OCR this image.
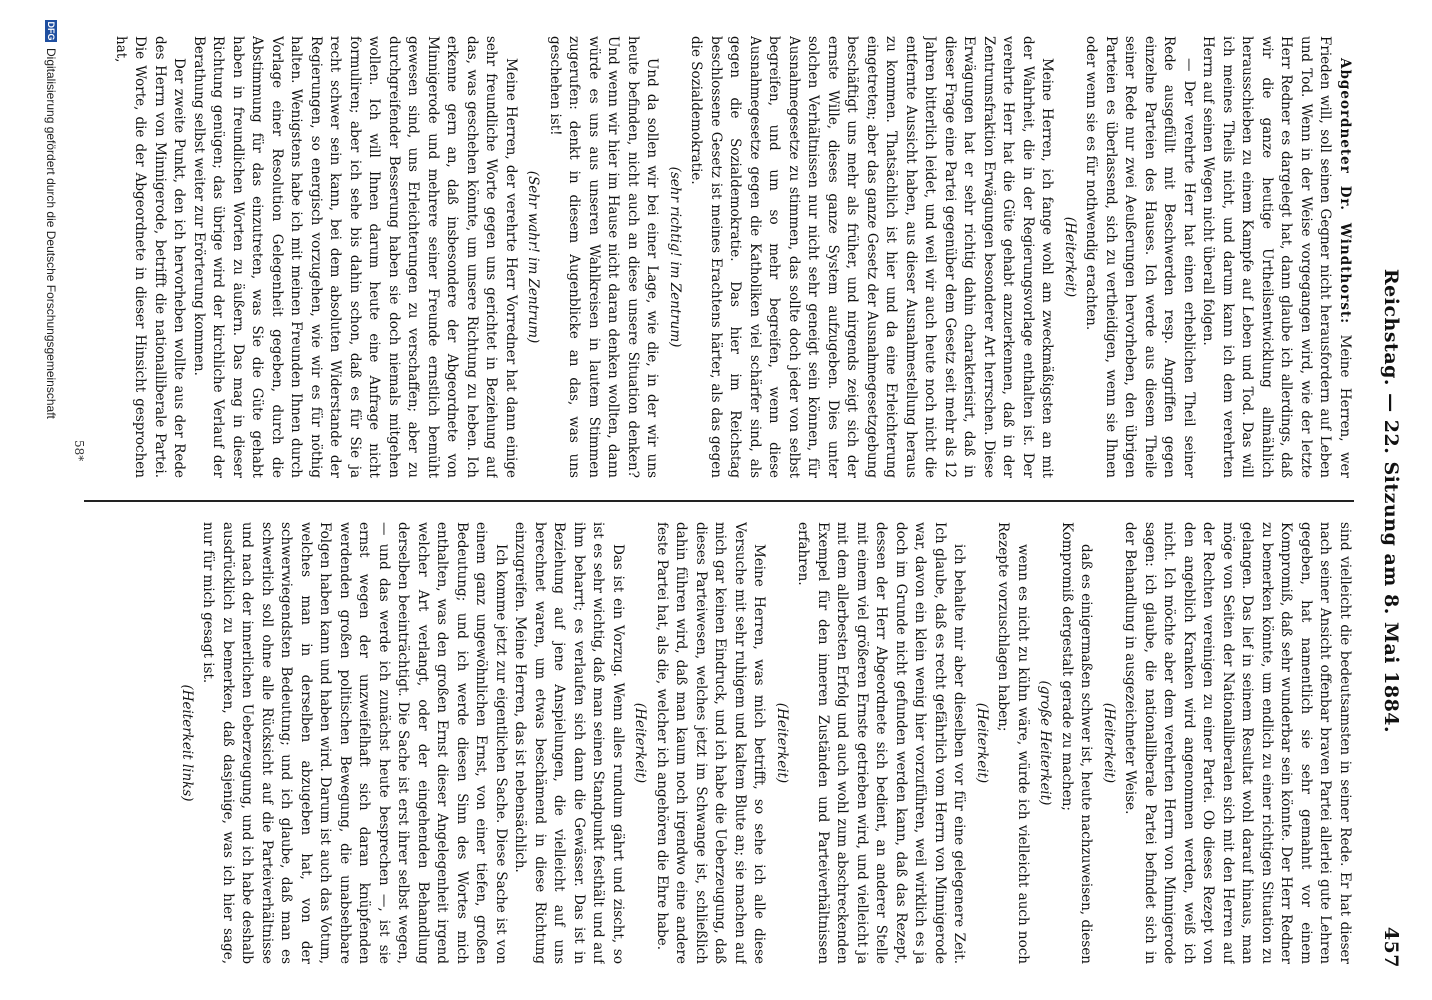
Reichstag. — 22. Sitzung am 8. Mai 1884.
457

Abgeordneter Dr. Windthorst: Meine Herren, wer Frieden will, soll seinen Gegner nicht herausfordern auf Leben und Tod. Wenn in der Weise vorgegangen wird, wie der letzte Herr Redner es dargelegt hat, dann glaube ich allerdings, daß wir die ganze heutige Urtheilsentwicklung allmählich herausschieben zu einem Kampfe auf Leben und Tod. Das will ich meines Theils nicht, und darum kann ich dem verehrten Herrn auf seinen Wegen nicht überall folgen.

— Der verehrte Herr hat einen erheblichen Theil seiner Rede ausgefüllt mit Beschwerden resp. Angriffen gegen einzelne Parteien des Hauses. Ich werde aus diesem Theile seiner Rede nur zwei Aeußerungen hervorheben, den übrigen Parteien es überlassend, sich zu vertheidigen, wenn sie Ihnen oder wenn sie es für nothwendig erachten.

(Heiterkeit)

Meine Herren, ich fange wohl am zweckmäßigsten an mit der Wahrheit, die in der Regierungsvorlage enthalten ist. Der verehrte Herr hat die Güte gehabt anzuerkennen, daß in der Zentrumsfraktion Erwägungen besonderer Art herrschen. Diese Erwägungen hat er sehr richtig dahin charakterisirt, daß in dieser Frage eine Partei gegenüber dem Gesetz seit mehr als 12 Jahren bitterlich leidet, und weil wir auch heute noch nicht die entfernte Aussicht haben, aus dieser Ausnahmestellung heraus zu kommen. Thatsächlich ist hier und da eine Erleichterung eingetreten; aber das ganze Gesetz der Ausnahmegesetzgebung beschäftigt uns mehr als früher, und nirgends zeigt sich der ernste Wille, dieses ganze System aufzugeben. Dies unter solchen Verhältnissen nur nicht sehr geneigt sein können, für Ausnahmegesetze zu stimmen, das sollte doch jeder von selbst begreifen, und um so mehr begreifen, wenn diese Ausnahmegesetze gegen die Katholiken viel schärfer sind, als gegen die Sozialdemokratie. Das hier im Reichstag beschlossene Gesetz ist meines Erachtens härter, als das gegen die Sozialdemokratie.

(sehr richtig! im Zentrum)

Und da sollen wir bei einer Lage, wie die, in der wir uns heute befinden, nicht auch an diese unsere Situation denken? Und wenn wir hier im Hause nicht daran denken wollten, dann würde es uns aus unseren Wahlkreisen in lautem Stimmen zugerufen: denkt in diesem Augenblicke an das, was uns geschehen ist!

(Sehr wahr! im Zentrum)

Meine Herren, der verehrte Herr Vorredner hat dann einige sehr freundliche Worte gegen uns gerichtet in Beziehung auf das, was geschehen könnte, um unsere Richtung zu heben. Ich erkenne gern an, daß insbesondere der Abgeordnete von Minnigerode und mehrere seiner Freunde ernstlich bemüht gewesen sind, uns Erleichterungen zu verschaffen; aber zu durchgreifender Besserung haben sie doch niemals mitgehen wollen. Ich will Ihnen darum heute eine Anfrage nicht formuliren; aber ich sehe bis dahin schon, daß es für Sie ja recht schwer sein kann, bei dem absoluten Widerstande der Regierungen, so energisch vorzugehen, wie wir es für nöthig halten. Wenigstens habe ich mit meinen Freunden Ihnen durch Vorlage einer Resolution Gelegenheit gegeben, durch die Abstimmung für das einzutreten, was Sie die Güte gehabt haben in freundlichen Worten zu äußern. Das mag in dieser Richtung genügen; das übrige wird der kirchliche Verlauf der Berathung selbst weiter zur Erörterung kommen.

Der zweite Punkt, den ich hervorheben wollte aus der Rede des Herrn von Minnigerode, betrifft die nationalliberale Partei. Die Worte, die der Abgeordnete in dieser Hinsicht gesprochen hat,

sind vielleicht die bedeutsamsten in seiner Rede. Er hat dieser nach seiner Ansicht offenbar braven Partei allerlei gute Lehren gegeben, hat namentlich sie sehr gemahnt vor einem Kompromiß, daß sehr wunderbar sein könnte. Der Herr Redner zu bemerken könnte, um endlich zu einer richtigen Situation zu gelangen. Das lief in seinem Resultat wohl darauf hinaus, man möge von Seiten der Nationalliberalen sich mit den Herren auf der Rechten vereinigen zu einer Partei. Ob dieses Rezept von den angeblich Kranken wird angenommen werden, weiß ich nicht. Ich möchte aber dem verehrten Herrn von Minnigerode sagen: ich glaube, die nationalliberale Partei befindet sich in der Behandlung in ausgezeichneter Weise.

(Heiterkeit)

daß es einigermaßen schwer ist, heute nachzuweisen, diesen Kompromiß dergestalt gerade zu machen;

(große Heiterkeit)

wenn es nicht zu kühn wäre, würde ich vielleicht auch noch Rezepte vorzuschlagen haben;

(Heiterkeit)

ich behalte mir aber dieselben vor für eine gelegenere Zeit. Ich glaube, daß es recht gefährlich vom Herrn von Minnigerode war, davon ein klein wenig hier vorzuführen, weil wirklich es ja doch im Grunde nicht gefunden werden kann, daß das Rezept, dessen der Herr Abgeordnete sich bedient, an anderer Stelle mit einem viel größeren Ernste getrieben wird, und vielleicht ja mit dem allerbesten Erfolg und auch wohl zum abschreckenden Exempel für den inneren Zuständen und Parteiverhältnissen erfahren.

(Heiterkeit)

Meine Herren, was mich betrifft, so sehe ich alle diese Versuche mit sehr ruhigem und kaltem Blute an; sie machen auf mich gar keinen Eindruck, und ich habe die Ueberzeugung, daß dieses Parteiwesen, welches jetzt im Schwange ist, schließlich dahin führen wird, daß man kaum noch irgendwo eine andere feste Partei hat, als die, welcher ich angehören die Ehre habe.

(Heiterkeit)

Das ist ein Vorzug. Wenn alles rundum gährt und zischt, so ist es sehr wichtig, daß man seinen Standpunkt festhält und auf ihm beharrt; es verlaufen sich dann die Gewässer. Das ist in Beziehung auf jene Anspielungen, die vielleicht auf uns berechnet waren, um etwas beschämend in diese Richtung einzugreifen. Meine Herren, das ist nebensächlich.

Ich komme jetzt zur eigentlichen Sache. Diese Sache ist von einem ganz ungewöhnlichen Ernst, von einer tiefen, großen Bedeutung; und ich werde diesen Sinn des Wortes mich enthalten, was den großen Ernst dieser Angelegenheit irgend welcher Art verlangt, oder der eingehenden Behandlung derselben beeinträchtigt. Die Sache ist erst ihrer selbst wegen, — und das werde ich zunächst heute besprechen —, ist sie ernst wegen der unzweifelhaft sich daran knüpfenden werdenden großen politischen Bewegung, die unabsehbare Folgen haben kann und haben wird. Darum ist auch das Votum, welches man in derselben abzugeben hat, von der schwerwiegendsten Bedeutung; und ich glaube, daß man es schwerlich soll ohne alle Rücksicht auf die Parteiverhältnisse und nach der innerlichen Ueberzeugung, und ich habe deshalb ausdrücklich zu bemerken, daß dasjenige, was ich hier sage, nur für mich gesagt ist.

(Heiterkeit links)

58*
DFG
Digitalisierung gefördert durch die Deutsche Forschungsgemeinschaft
